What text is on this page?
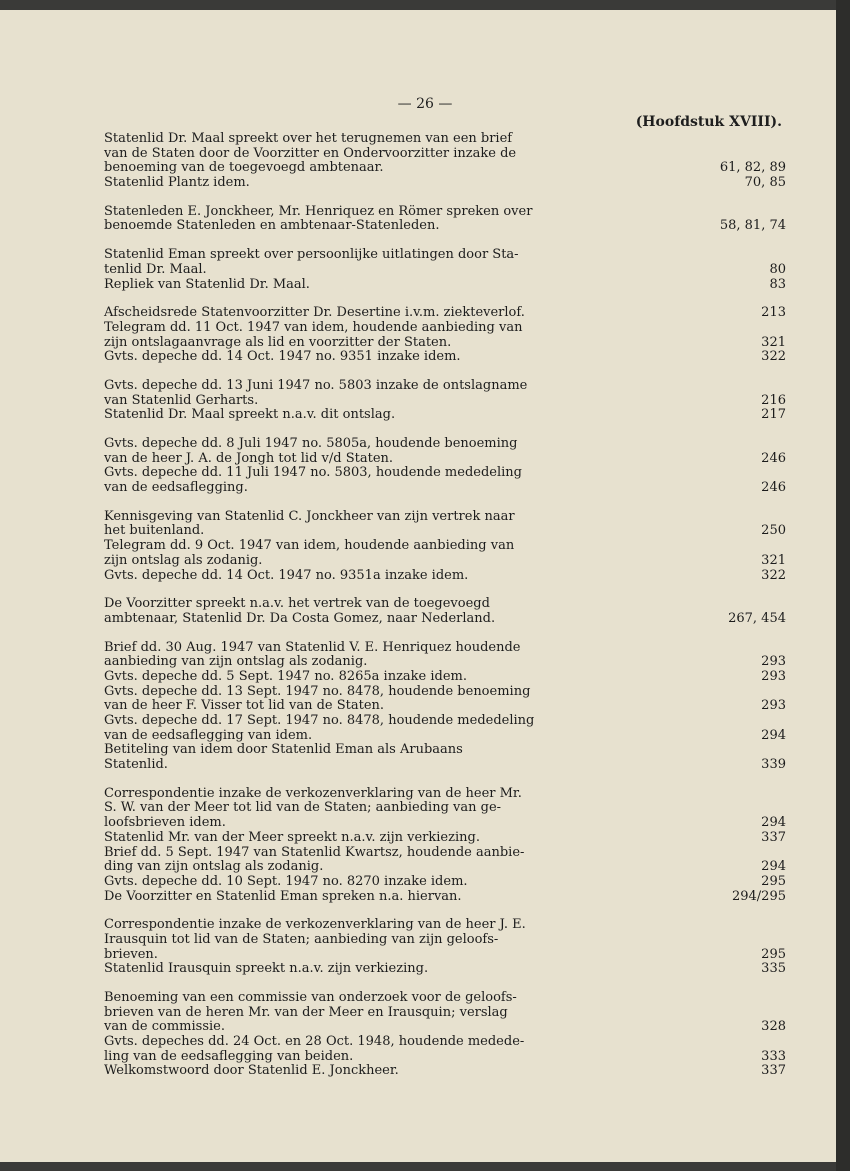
— 26 —
(Hoofdstuk XVIII).
Statenlid Dr. Maal spreekt over het terugnemen van een brief
van de Staten door de Voorzitter en Ondervoorzitter inzake de
benoeming van de toegevoegd ambtenaar.	61, 82, 89
Statenlid Plantz idem.	70, 85
Statenleden E. Jonckheer, Mr. Henriquez en Römer spreken over
benoemde Statenleden en ambtenaar-Statenleden.	58, 81, 74
Statenlid Eman spreekt over persoonlijke uitlatingen door Sta-
tenlid Dr. Maal.	80
Repliek van Statenlid Dr. Maal.	83
Afscheidsrede Statenvoorzitter Dr. Desertine i.v.m. ziekteverlof.	213
Telegram dd. 11 Oct. 1947 van idem, houdende aanbieding van
zijn ontslagaanvrage als lid en voorzitter der Staten.	321
Gvts. depeche dd. 14 Oct. 1947 no. 9351 inzake idem.	322
Gvts. depeche dd. 13 Juni 1947 no. 5803 inzake de ontslagname
van Statenlid Gerharts.	216
Statenlid Dr. Maal spreekt n.a.v. dit ontslag.	217
Gvts. depeche dd. 8 Juli 1947 no. 5805a, houdende benoeming
van de heer J. A. de Jongh tot lid v/d Staten.	246
Gvts. depeche dd. 11 Juli 1947 no. 5803, houdende mededeling
van de eedsaflegging.	246
Kennisgeving van Statenlid C. Jonckheer van zijn vertrek naar
het buitenland.	250
Telegram dd. 9 Oct. 1947 van idem, houdende aanbieding van
zijn ontslag als zodanig.	321
Gvts. depeche dd. 14 Oct. 1947 no. 9351a inzake idem.	322
De Voorzitter spreekt n.a.v. het vertrek van de toegevoegd
ambtenaar, Statenlid Dr. Da Costa Gomez, naar Nederland.	267, 454
Brief dd. 30 Aug. 1947 van Statenlid V. E. Henriquez houdende
aanbieding van zijn ontslag als zodanig.	293
Gvts. depeche dd. 5 Sept. 1947 no. 8265a inzake idem.	293
Gvts. depeche dd. 13 Sept. 1947 no. 8478, houdende benoeming
van de heer F. Visser tot lid van de Staten.	293
Gvts. depeche dd. 17 Sept. 1947 no. 8478, houdende mededeling
van de eedsaflegging van idem.	294
Betiteling van idem door Statenlid Eman als Arubaans
Statenlid.	339
Correspondentie inzake de verkozenverklaring van de heer Mr.
S. W. van der Meer tot lid van de Staten; aanbieding van ge-
loofsbrieven idem.	294
Statenlid Mr. van der Meer spreekt n.a.v. zijn verkiezing.	337
Brief dd. 5 Sept. 1947 van Statenlid Kwartsz, houdende aanbie-
ding van zijn ontslag als zodanig.	294
Gvts. depeche dd. 10 Sept. 1947 no. 8270 inzake idem.	295
De Voorzitter en Statenlid Eman spreken n.a. hiervan.	294/295
Correspondentie inzake de verkozenverklaring van de heer J. E.
Irausquin tot lid van de Staten; aanbieding van zijn geloofs-
brieven.	295
Statenlid Irausquin spreekt n.a.v. zijn verkiezing.	335
Benoeming van een commissie van onderzoek voor de geloofs-
brieven van de heren Mr. van der Meer en Irausquin; verslag
van de commissie.	328
Gvts. depeches dd. 24 Oct. en 28 Oct. 1948, houdende medede-
ling van de eedsaflegging van beiden.	333
Welkomstwoord door Statenlid E. Jonckheer.	337
